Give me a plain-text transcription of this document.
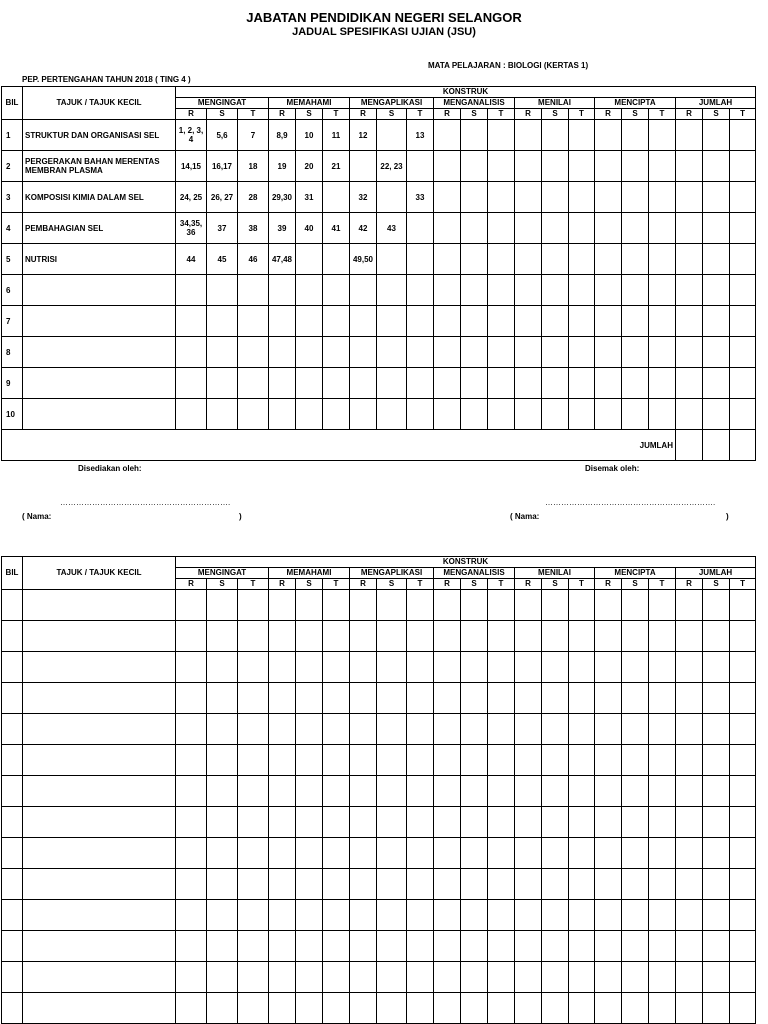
JABATAN PENDIDIKAN NEGERI SELANGOR
JADUAL SPESIFIKASI UJIAN (JSU)
MATA PELAJARAN : BIOLOGI (KERTAS 1)
PEP. PERTENGAHAN TAHUN 2018 ( TING 4 )
BIL	TAJUK / TAJUK KECIL	KONSTRUK																				
		MENGINGAT			MEMAHAMI			MENGAPLIKASI			MENGANALISIS			MENILAI			MENCIPTA			JUMLAH		
		R	S	T	R	S	T	R	S	T	R	S	T	R	S	T	R	S	T	R	S	T
1	STRUKTUR DAN ORGANISASI SEL	1, 2, 3, 4	5,6	7	8,9	10	11	12		13												
2	PERGERAKAN BAHAN MERENTAS MEMBRAN PLASMA	14,15	16,17	18	19	20	21		22, 23													
3	KOMPOSISI KIMIA DALAM SEL	24, 25	26, 27	28	29,30	31		32		33												
4	PEMBAHAGIAN SEL	34,35, 36	37	38	39	40	41	42	43													
5	NUTRISI	44	45	46	47,48			49,50														
6																						
7																						
8																						
9																						
10																						
JUMLAH																						
Disediakan oleh:	Disemak oleh:
……………………………………………………….	……………………………………………………….
( Nama:	)	( Nama:	)
BIL	TAJUK / TAJUK KECIL	KONSTRUK																				
		MENGINGAT			MEMAHAMI			MENGAPLIKASI			MENGANALISIS			MENILAI			MENCIPTA			JUMLAH		
		R	S	T	R	S	T	R	S	T	R	S	T	R	S	T	R	S	T	R	S	T
